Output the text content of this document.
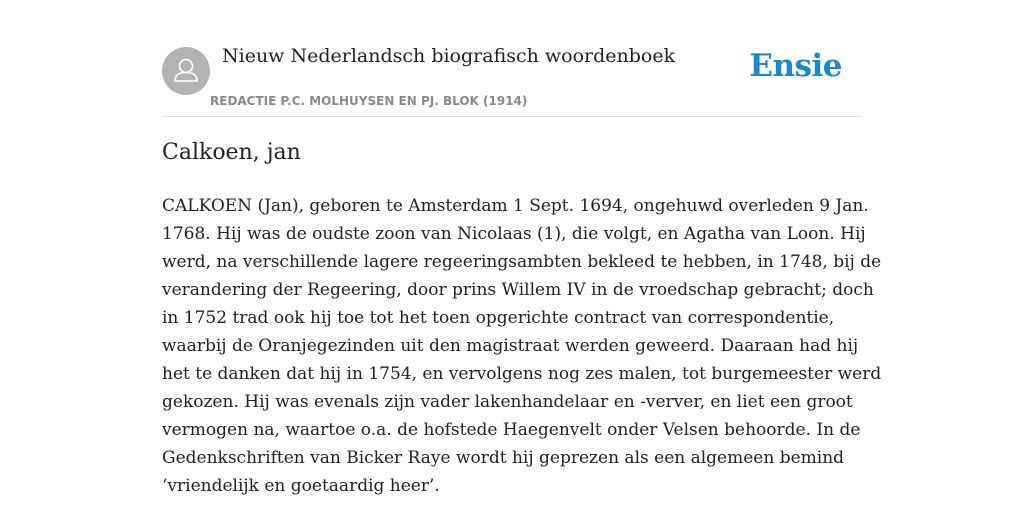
Nieuw Nederlandsch biografisch woordenboek
REDACTIE P.C. MOLHUYSEN EN PJ. BLOK (1914)
Ensie
Calkoen, jan

CALKOEN (Jan), geboren te Amsterdam 1 Sept. 1694, ongehuwd overleden 9 Jan.
1768. Hij was de oudste zoon van Nicolaas (1), die volgt, en Agatha van Loon. Hij
werd, na verschillende lagere regeeringsambten bekleed te hebben, in 1748, bij de
verandering der Regeering, door prins Willem IV in de vroedschap gebracht; doch
in 1752 trad ook hij toe tot het toen opgerichte contract van correspondentie,
waarbij de Oranjegezinden uit den magistraat werden geweerd. Daaraan had hij
het te danken dat hij in 1754, en vervolgens nog zes malen, tot burgemeester werd
gekozen. Hij was evenals zijn vader lakenhandelaar en -verver, en liet een groot
vermogen na, waartoe o.a. de hofstede Haegenvelt onder Velsen behoorde. In de
Gedenkschriften van Bicker Raye wordt hij geprezen als een algemeen bemind
‘vriendelijk en goetaardig heer’.
